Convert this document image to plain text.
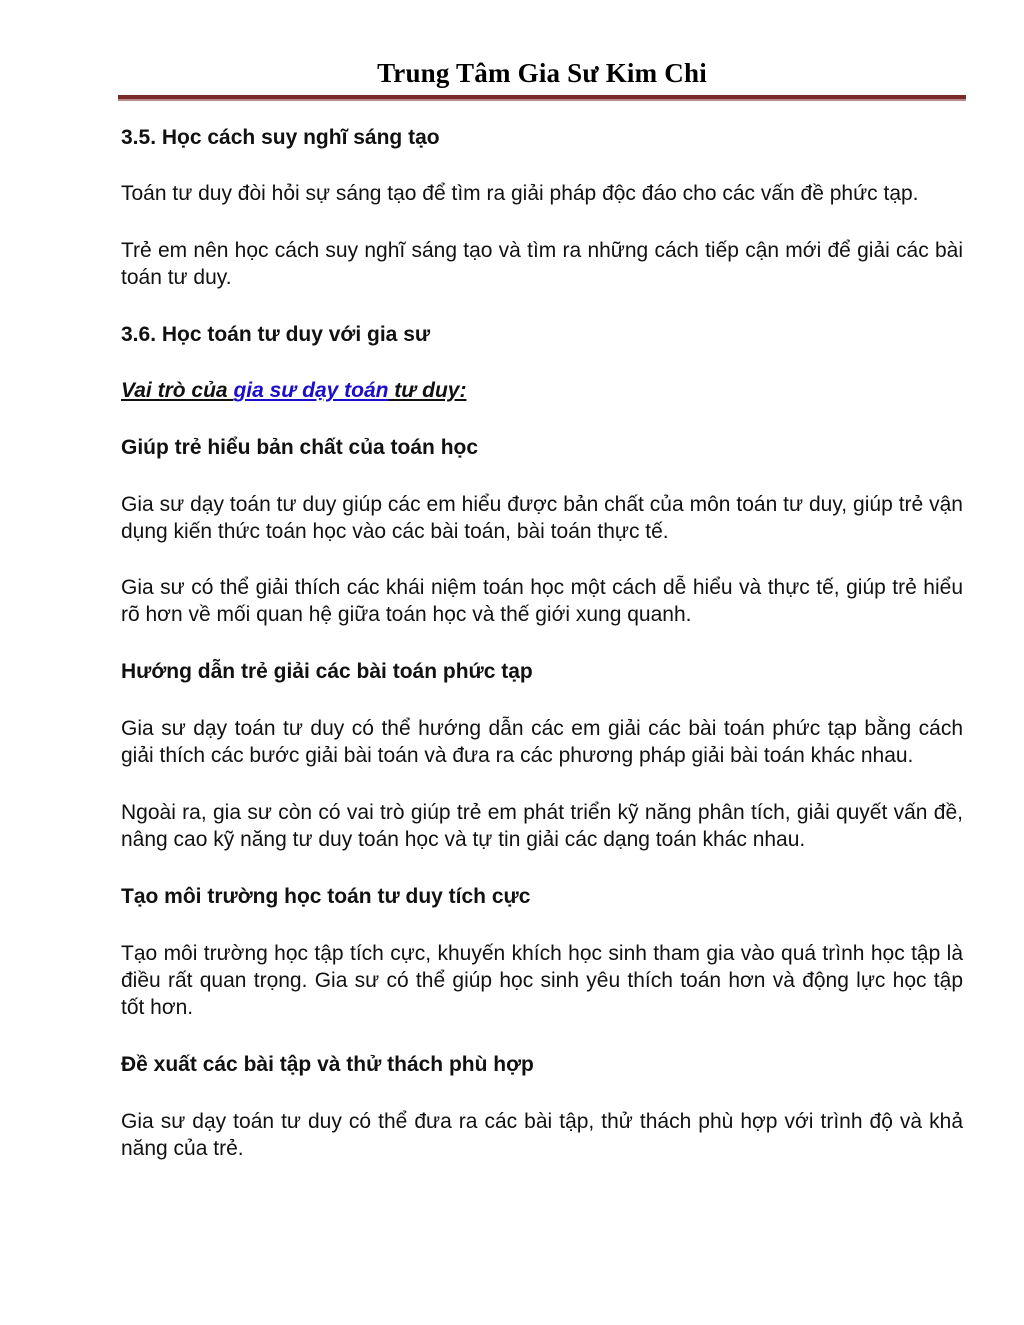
Trung Tâm Gia Sư Kim Chi
3.5. Học cách suy nghĩ sáng tạo

Toán tư duy đòi hỏi sự sáng tạo để tìm ra giải pháp độc đáo cho các vấn đề phức tạp.

Trẻ em nên học cách suy nghĩ sáng tạo và tìm ra những cách tiếp cận mới để giải các bài toán tư duy.

3.6. Học toán tư duy với gia sư

Vai trò của gia sư dạy toán tư duy:

Giúp trẻ hiểu bản chất của toán học

Gia sư dạy toán tư duy giúp các em hiểu được bản chất của môn toán tư duy, giúp trẻ vận dụng kiến thức toán học vào các bài toán, bài toán thực tế.

Gia sư có thể giải thích các khái niệm toán học một cách dễ hiểu và thực tế, giúp trẻ hiểu rõ hơn về mối quan hệ giữa toán học và thế giới xung quanh.

Hướng dẫn trẻ giải các bài toán phức tạp

Gia sư dạy toán tư duy có thể hướng dẫn các em giải các bài toán phức tạp bằng cách giải thích các bước giải bài toán và đưa ra các phương pháp giải bài toán khác nhau.

Ngoài ra, gia sư còn có vai trò giúp trẻ em phát triển kỹ năng phân tích, giải quyết vấn đề, nâng cao kỹ năng tư duy toán học và tự tin giải các dạng toán khác nhau.

Tạo môi trường học toán tư duy tích cực

Tạo môi trường học tập tích cực, khuyến khích học sinh tham gia vào quá trình học tập là điều rất quan trọng. Gia sư có thể giúp học sinh yêu thích toán hơn và động lực học tập tốt hơn.

Đề xuất các bài tập và thử thách phù hợp

Gia sư dạy toán tư duy có thể đưa ra các bài tập, thử thách phù hợp với trình độ và khả năng của trẻ.
